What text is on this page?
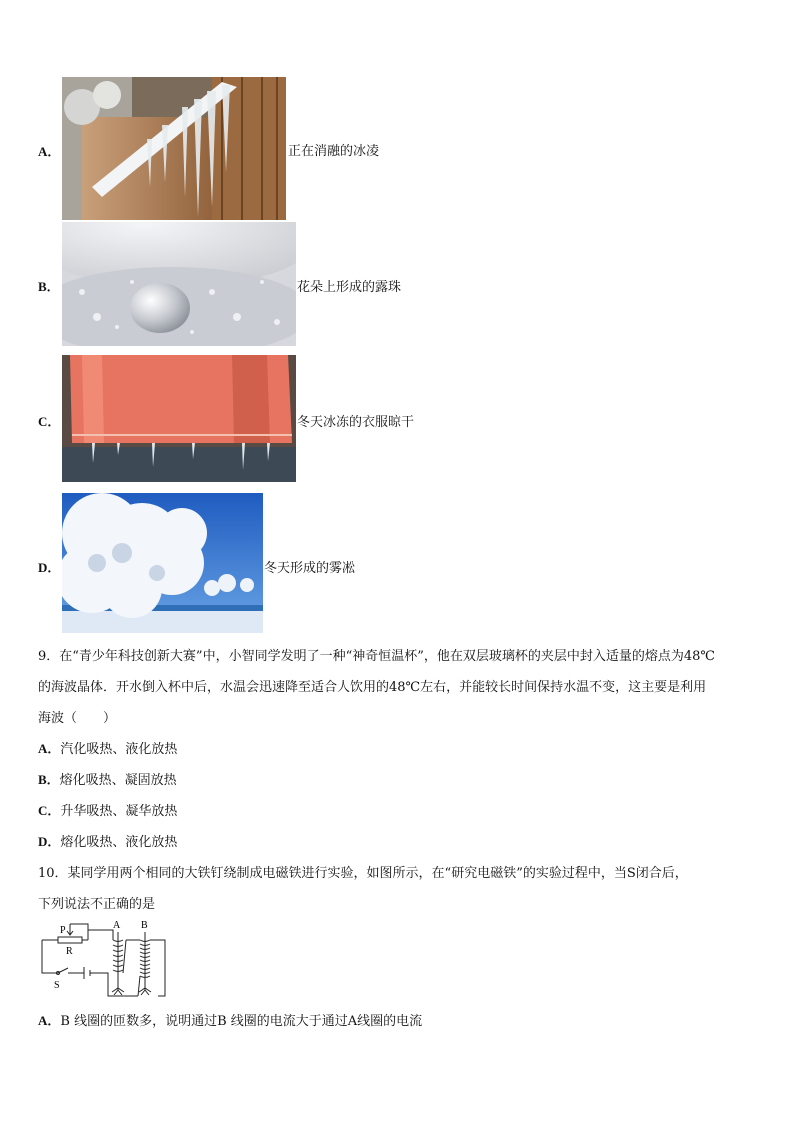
A．	正在消融的冰凌
B．	花朵上形成的露珠
C．	冬天冰冻的衣服晾干
D．	冬天形成的雾凇
9．在“青少年科技创新大赛”中，小智同学发明了一种“神奇恒温杯”，他在双层玻璃杯的夹层中封入适量的熔点为48℃
的海波晶体．开水倒入杯中后，水温会迅速降至适合人饮用的48℃左右，并能较长时间保持水温不变，这主要是利用
海波（　　）
A．汽化吸热、液化放热
B．熔化吸热、凝固放热
C．升华吸热、凝华放热
D．熔化吸热、液化放热
10．某同学用两个相同的大铁钉绕制成电磁铁进行实验，如图所示，在“研究电磁铁”的实验过程中，当S闭合后，
下列说法不正确的是
P
R
S
A B
A．B 线圈的匝数多，说明通过B 线圈的电流大于通过A线圈的电流
